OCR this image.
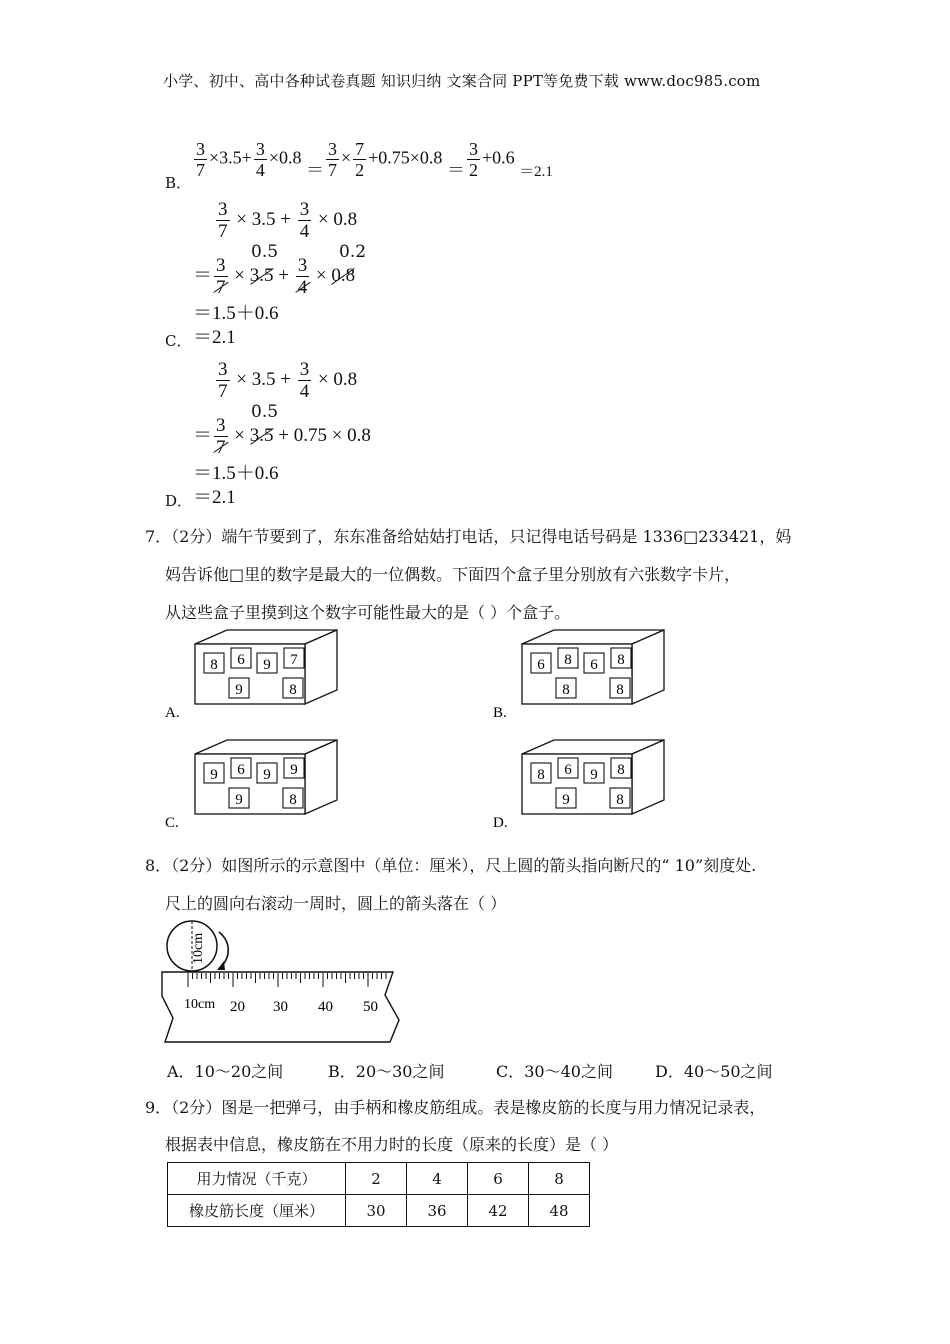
小学、初中、高中各种试卷真题 知识归纳 文案合同 PPT等免费下载 www.doc985.com
B．
$\frac{3}{7} \times 3.5+ \frac{3}{4} \times 0.8 = \frac{3}{7} \times \frac{7}{2} +0.75\times 0.8 = \frac{3}{2} +0.6$ $_{=2.1}$
$\frac{3}{7} \times 3.5 + \frac{3}{4} \times 0.8$
0.5	0.2
＝ $\frac{3}{7} \times 3.5 + \frac{3}{4} \times 0.8$
＝1.5＋0.6
C． ＝2.1
$\frac{3}{7} \times 3.5 + \frac{3}{4} \times 0.8$
0.5
＝ $\frac{3}{7} \times 3.5 + 0.75 \times 0.8$
＝1.5＋0.6
D． ＝2.1
7．（2分）端午节要到了，东东准备给姑姑打电话，只记得电话号码是 1336□233421，妈
妈告诉他□里的数字是最大的一位偶数。下面四个盒子里分别放有六张数字卡片，
从这些盒子里摸到这个数字可能性最大的是（ ）个盒子。
8 6 9 7
9	8
A.
6 8 6 8
8	8
B.
9 6 9 9
9	8
C.
8 6 9 8
9	8
D.
8．（2分）如图所示的示意图中（单位：厘米），尺上圆的箭头指向断尺的“ 10”刻度处.
尺上的圆向右滚动一周时，圆上的箭头落在（ ）
10cm
10cm 20 30 40 50
A．10～20之间	B．20～30之间	C．30～40之间	D．40～50之间
9．（2分）图是一把弹弓，由手柄和橡皮筋组成。表是橡皮筋的长度与用力情况记录表，
根据表中信息，橡皮筋在不用力时的长度（原来的长度）是（ ）
用力情况（千克）	2	4	6	8
橡皮筋长度（厘米）	30	36	42	48
